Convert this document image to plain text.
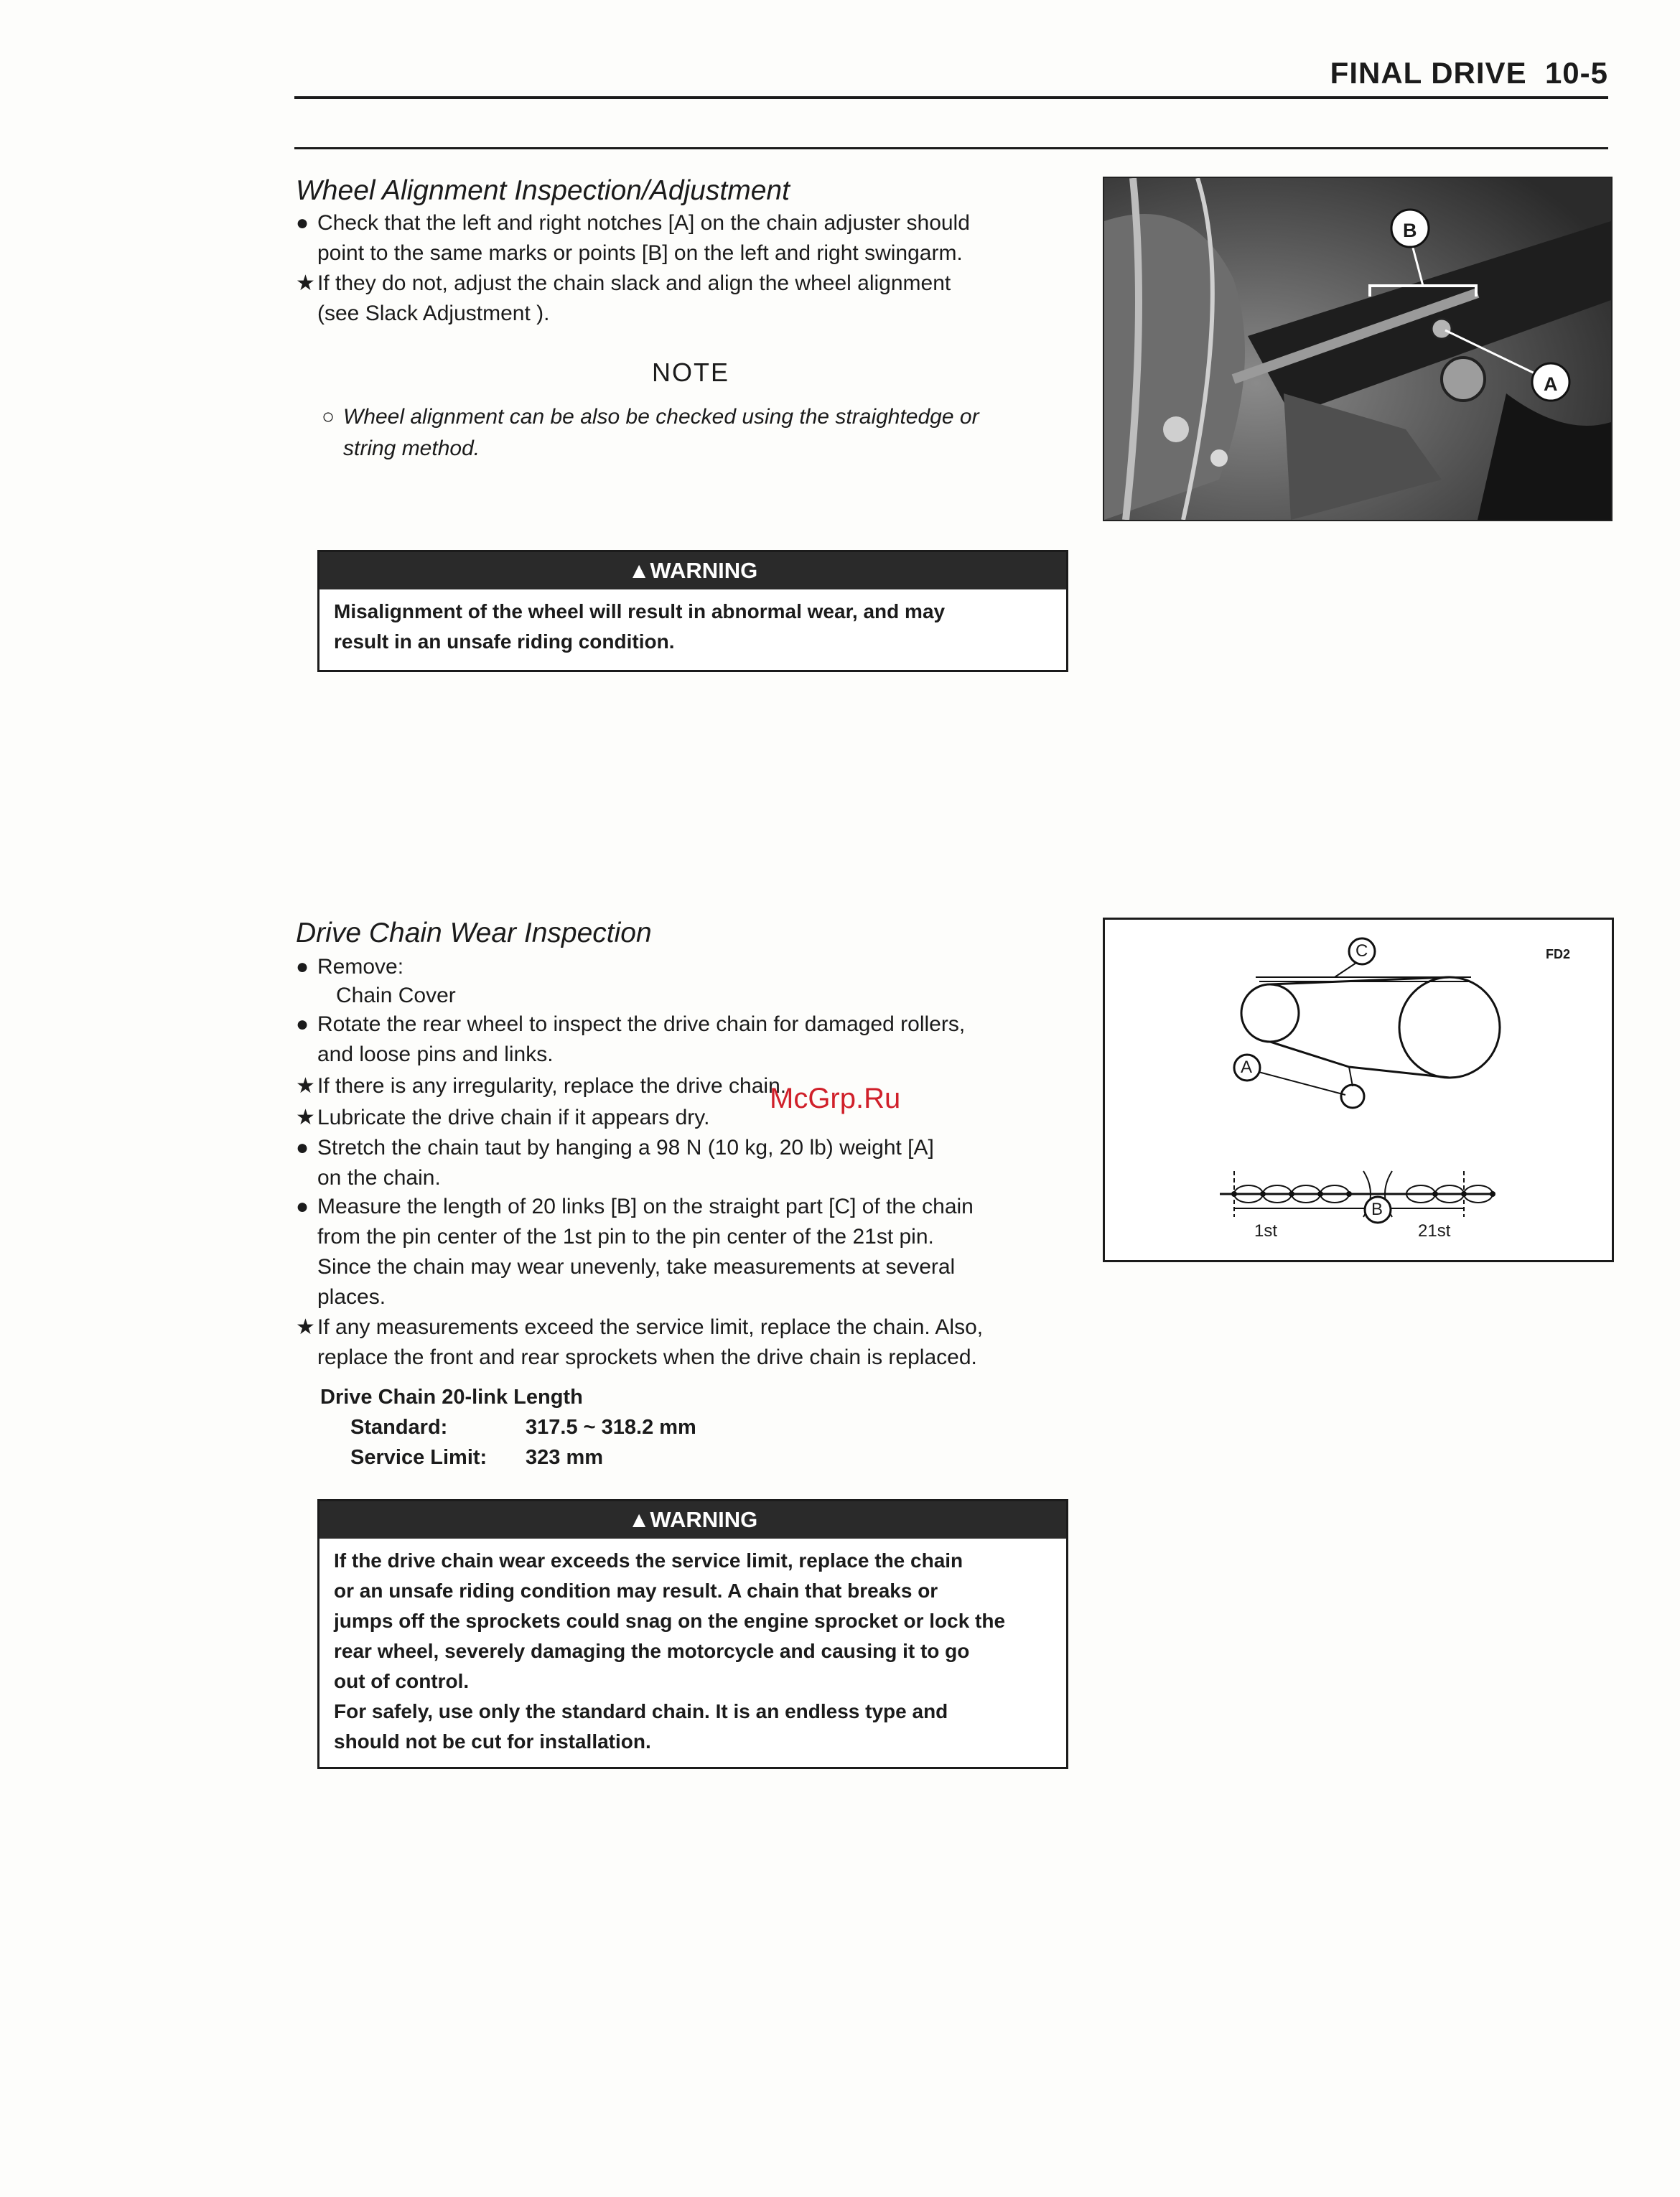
FINAL DRIVE 10-5
Wheel Alignment Inspection/Adjustment
● Check that the left and right notches [A] on the chain adjuster should
point to the same marks or points [B] on the left and right swingarm.
★ If they do not, adjust the chain slack and align the wheel alignment
(see Slack Adjustment ).
NOTE
○ Wheel alignment can be also be checked using the straightedge or
string method.
B
A
▲WARNING
Misalignment of the wheel will result in abnormal wear, and may
result in an unsafe riding condition.
Drive Chain Wear Inspection
● Remove:
Chain Cover
● Rotate the rear wheel to inspect the drive chain for damaged rollers,
and loose pins and links.
★ If there is any irregularity, replace the drive chain.
★ Lubricate the drive chain if it appears dry.
● Stretch the chain taut by hanging a 98 N (10 kg, 20 lb) weight [A]
on the chain.
● Measure the length of 20 links [B] on the straight part [C] of the chain
from the pin center of the 1st pin to the pin center of the 21st pin.
Since the chain may wear unevenly, take measurements at several
places.
★ If any measurements exceed the service limit, replace the chain. Also,
replace the front and rear sprockets when the drive chain is replaced.
Drive Chain 20-link Length
Standard:	317.5 ~ 318.2 mm
Service Limit: 323 mm
FD2
C
A
B
1st	21st
▲WARNING
If the drive chain wear exceeds the service limit, replace the chain
or an unsafe riding condition may result. A chain that breaks or
jumps off the sprockets could snag on the engine sprocket or lock the
rear wheel, severely damaging the motorcycle and causing it to go
out of control.
For safely, use only the standard chain. It is an endless type and
should not be cut for installation.
McGrp.Ru
